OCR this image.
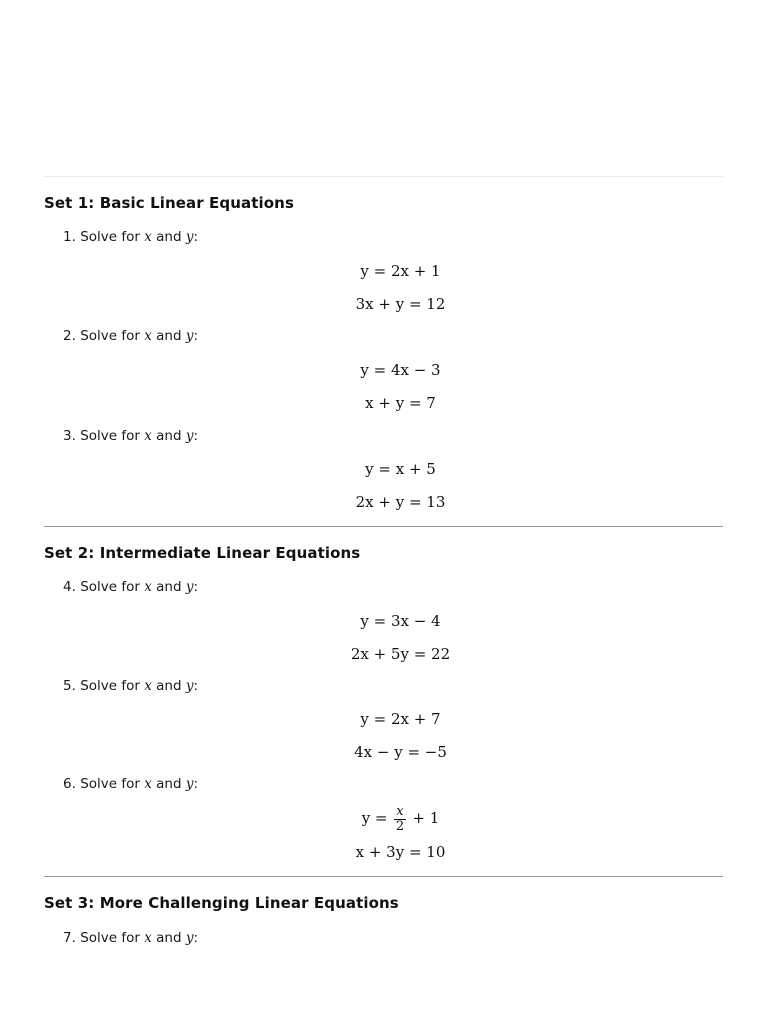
Set 1: Basic Linear Equations
1. Solve for x and y:
y = 2x + 1
3x + y = 12
2. Solve for x and y:
y = 4x − 3
x + y = 7
3. Solve for x and y:
y = x + 5
2x + y = 13
Set 2: Intermediate Linear Equations
4. Solve for x and y:
y = 3x − 4
2x + 5y = 22
5. Solve for x and y:
y = 2x + 7
4x − y = −5
6. Solve for x and y:
$y = \frac{x}{2} + 1$
x + 3y = 10
Set 3: More Challenging Linear Equations
7. Solve for x and y:
